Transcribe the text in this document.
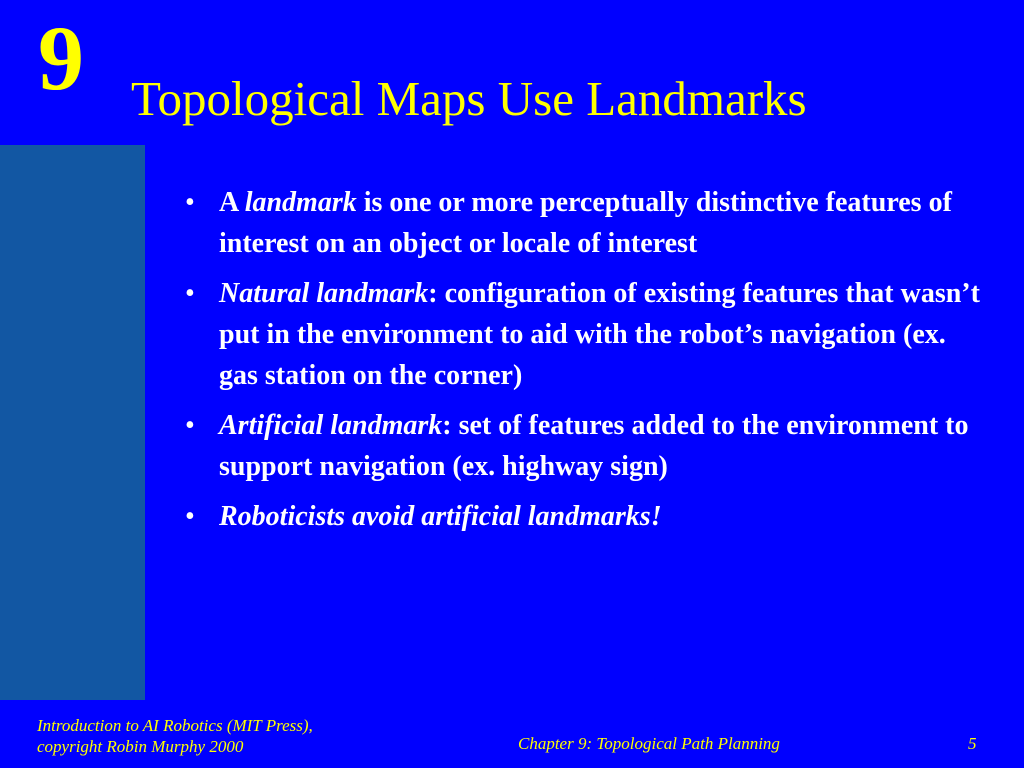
9 Topological Maps Use Landmarks
• A landmark is one or more perceptually distinctive features of interest on an object or locale of interest
• Natural landmark: configuration of existing features that wasn’t put in the environment to aid with the robot’s navigation (ex. gas station on the corner)
• Artificial landmark: set of features added to the environment to support navigation (ex. highway sign)
• Roboticists avoid artificial landmarks!
Introduction to AI Robotics (MIT Press),
copyright Robin Murphy 2000	Chapter 9: Topological Path Planning	5
